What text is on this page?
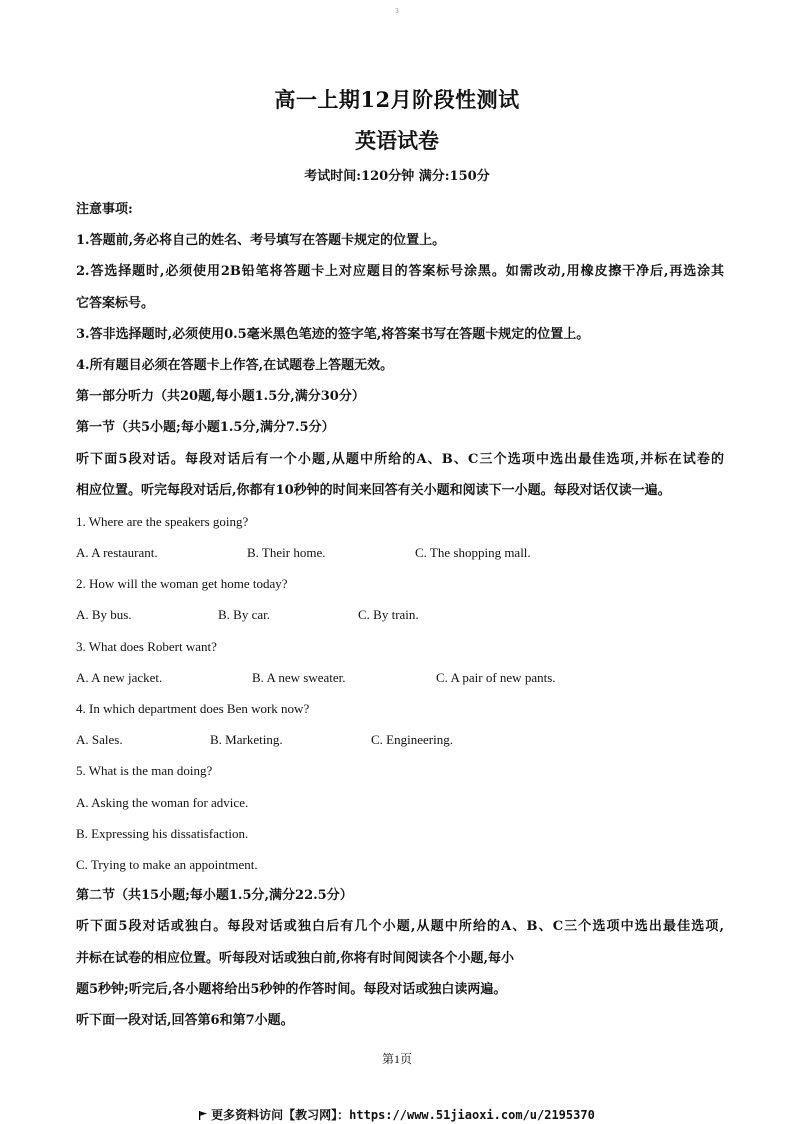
3
高一上期12月阶段性测试
英语试卷
考试时间:120分钟 满分:150分
注意事项:
1.答题前,务必将自己的姓名、考号填写在答题卡规定的位置上。
2.答选择题时,必须使用2B铅笔将答题卡上对应题目的答案标号涂黑。如需改动,用橡皮擦干净后,再选涂其
它答案标号。
3.答非选择题时,必须使用0.5毫米黑色笔迹的签字笔,将答案书写在答题卡规定的位置上。
4.所有题目必须在答题卡上作答,在试题卷上答题无效。
第一部分听力（共20题,每小题1.5分,满分30分）
第一节（共5小题;每小题1.5分,满分7.5分）
听下面5段对话。每段对话后有一个小题,从题中所给的A、B、C三个选项中选出最佳选项,并标在试卷的
相应位置。听完每段对话后,你都有10秒钟的时间来回答有关小题和阅读下一小题。每段对话仅读一遍。
1. Where are the speakers going?
A. A restaurant.	B. Their home.	C. The shopping mall.
2. How will the woman get home today?
A. By bus.	B. By car.	C. By train.
3. What does Robert want?
A. A new jacket.	B. A new sweater.	C. A pair of new pants.
4. In which department does Ben work now?
A. Sales.	B. Marketing.	C. Engineering.
5. What is the man doing?
A. Asking the woman for advice.
B. Expressing his dissatisfaction.
C. Trying to make an appointment.
第二节（共15小题;每小题1.5分,满分22.5分）
听下面5段对话或独白。每段对话或独白后有几个小题,从题中所给的A、B、C三个选项中选出最佳选项,
并标在试卷的相应位置。听每段对话或独白前,你将有时间阅读各个小题,每小
题5秒钟;听完后,各小题将给出5秒钟的作答时间。每段对话或独白读两遍。
听下面一段对话,回答第6和第7小题。
第1页
更多资料访问【教习网】：https://www.51jiaoxi.com/u/2195370
